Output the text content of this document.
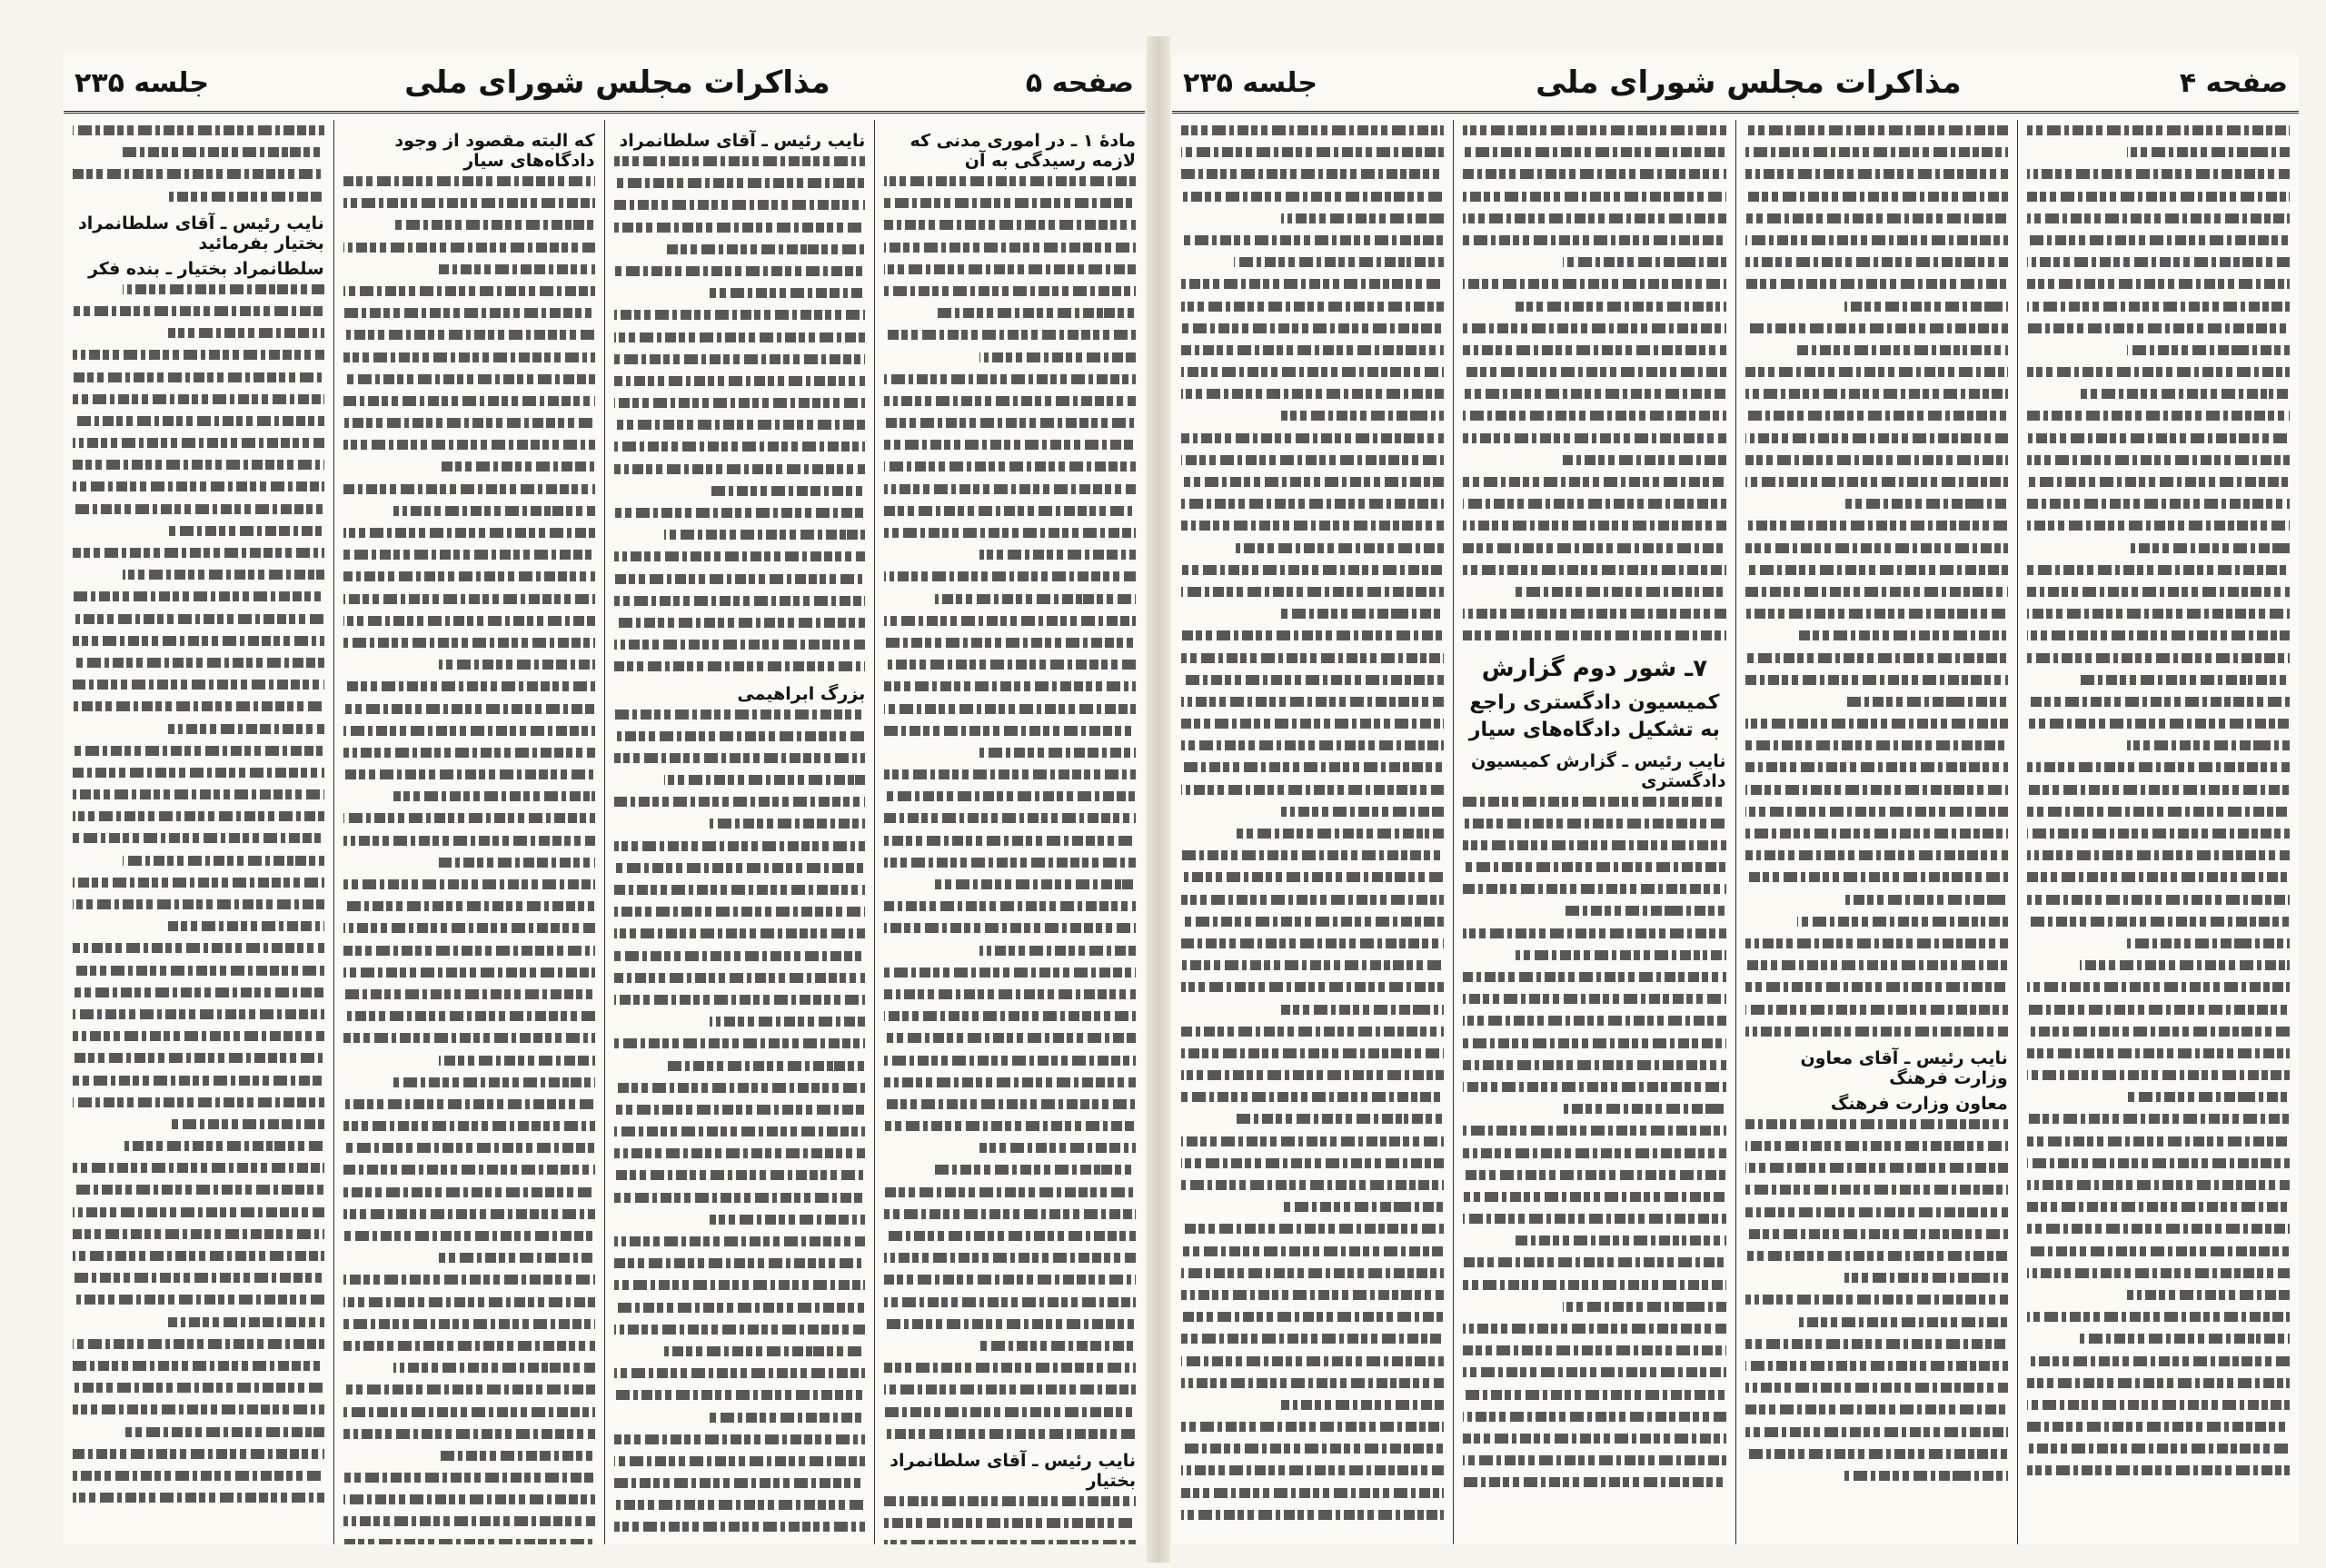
صفحه ۵
مذاکرات مجلس شورای ملی
جلسه ۲۳۵
مادهٔ ۱ ـ در اموری مدنی که لازمه رسیدگی به آن
نایب رئیس ـ آقای سلطانمراد بختیار
نایب رئیس ـ آقای سلطانمراد
بزرگ ابراهیمی
که البته مقصود از وجود دادگاه‌های سیار
نایب رئیس ـ آقای سلطانمراد بختیار بفرمائید
سلطانمراد بختیار ـ بنده فکر
صفحه ۴
مذاکرات مجلس شورای ملی
جلسه ۲۳۵
نایب رئیس ـ آقای معاون وزارت فرهنگ
معاون وزارت فرهنگ
۷ـ شور دوم گزارش
کمیسیون دادگستری راجع به تشکیل دادگاه‌های سیار
نایب رئیس ـ گزارش کمیسیون دادگستری
